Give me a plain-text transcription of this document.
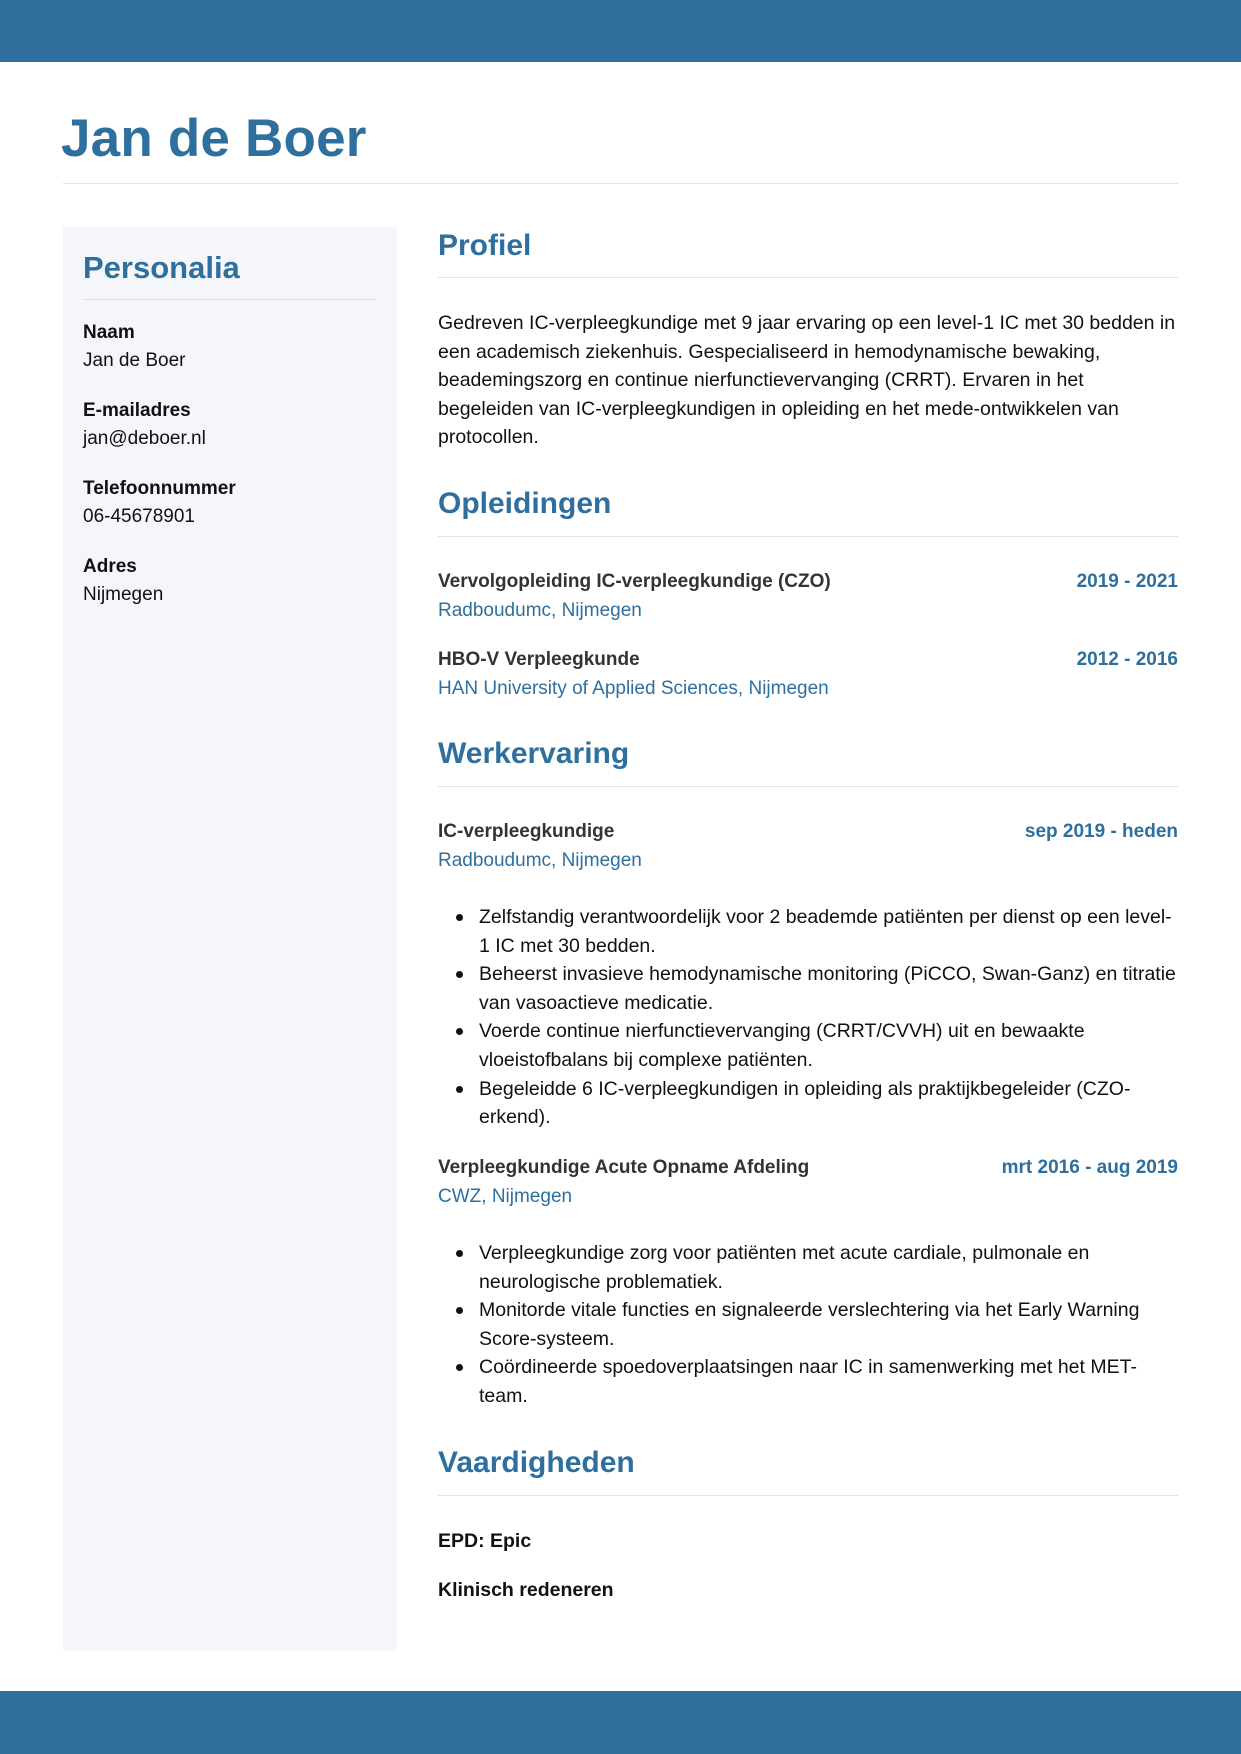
Jan de Boer
Personalia
Naam
Jan de Boer
E-mailadres
jan@deboer.nl
Telefoonnummer
06-45678901
Adres
Nijmegen
Profiel

Gedreven IC-verpleegkundige met 9 jaar ervaring op een level-1 IC met 30 bedden in een academisch ziekenhuis. Gespecialiseerd in hemodynamische bewaking, beademingszorg en continue nierfunctievervanging (CRRT). Ervaren in het begeleiden van IC-verpleegkundigen in opleiding en het mede-ontwikkelen van protocollen.

Opleidingen
Vervolgopleiding IC-verpleegkundige (CZO)	2019 - 2021
Radboudumc, Nijmegen
HBO-V Verpleegkunde	2012 - 2016
HAN University of Applied Sciences, Nijmegen
Werkervaring
IC-verpleegkundige	sep 2019 - heden
Radboudumc, Nijmegen
Zelfstandig verantwoordelijk voor 2 beademde patiënten per dienst op een level-1 IC met 30 bedden.
Beheerst invasieve hemodynamische monitoring (PiCCO, Swan-Ganz) en titratie van vasoactieve medicatie.
Voerde continue nierfunctievervanging (CRRT/CVVH) uit en bewaakte vloeistofbalans bij complexe patiënten.
Begeleidde 6 IC-verpleegkundigen in opleiding als praktijkbegeleider (CZO-erkend).
Verpleegkundige Acute Opname Afdeling	mrt 2016 - aug 2019
CWZ, Nijmegen
Verpleegkundige zorg voor patiënten met acute cardiale, pulmonale en neurologische problematiek.
Monitorde vitale functies en signaleerde verslechtering via het Early Warning Score-systeem.
Coördineerde spoedoverplaatsingen naar IC in samenwerking met het MET-team.
Vaardigheden
EPD: Epic
Klinisch redeneren
